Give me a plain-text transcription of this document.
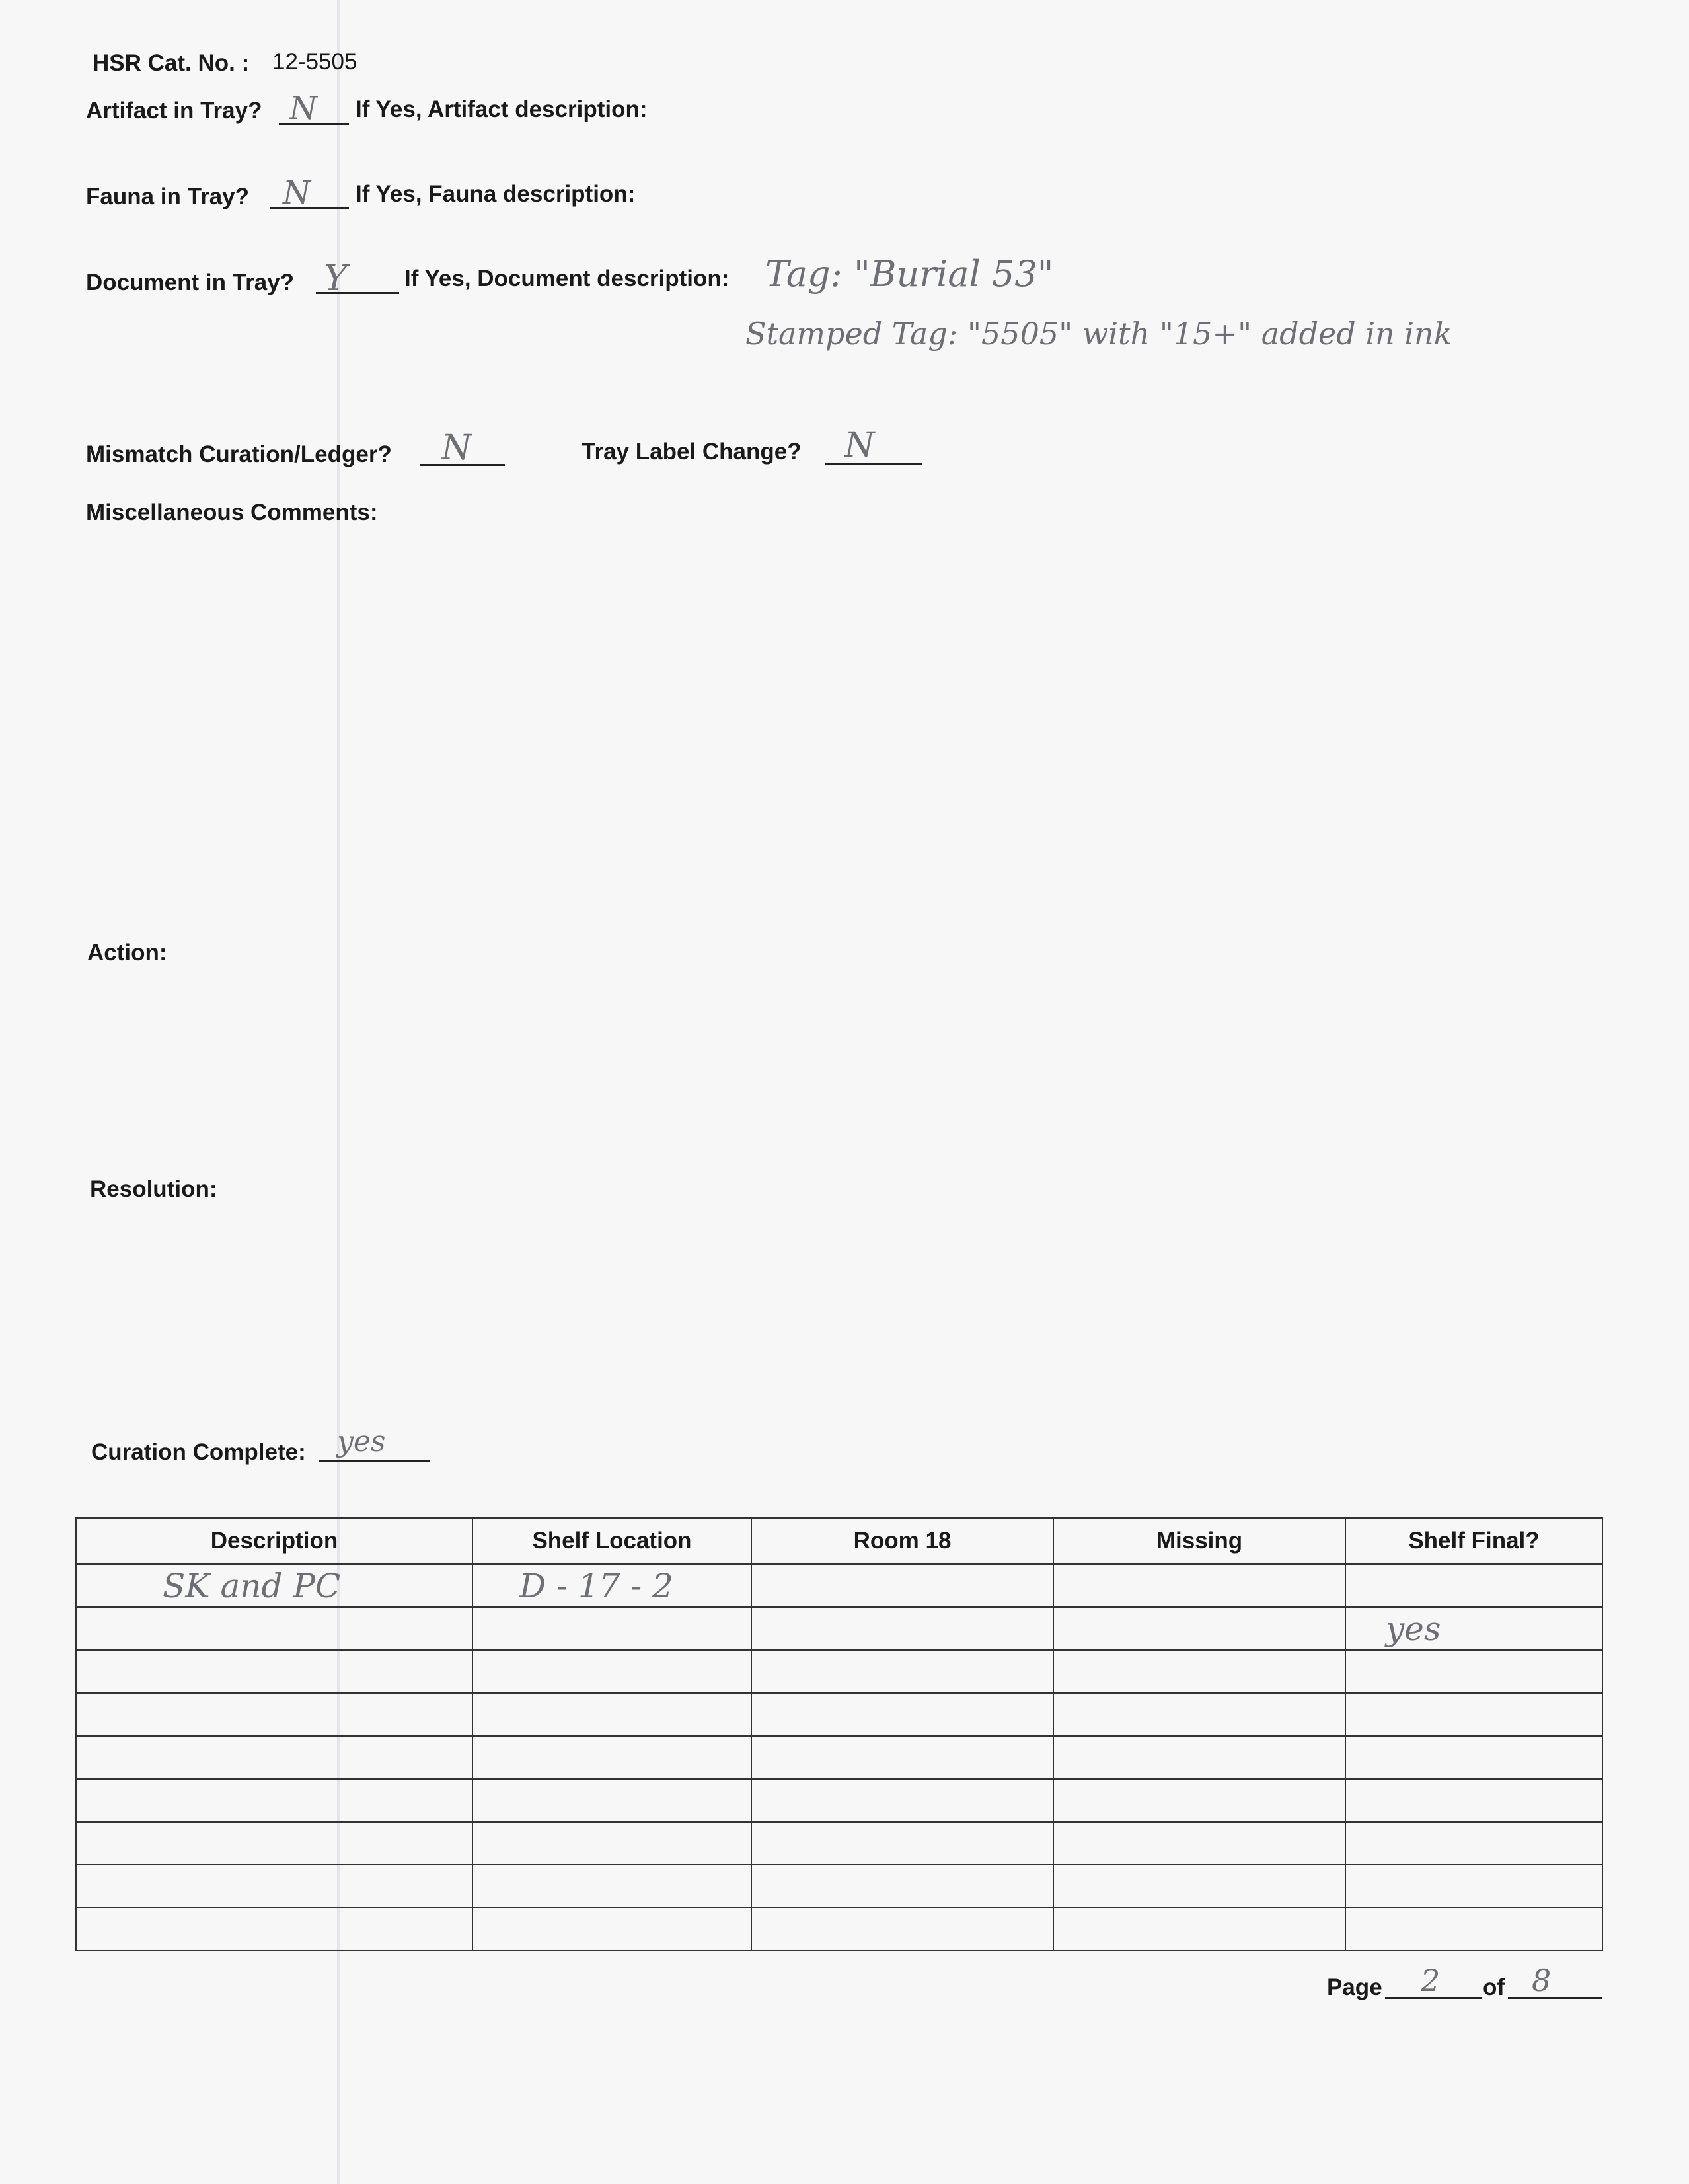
HSR Cat. No. : 12-5505
Artifact in Tray? N If Yes, Artifact description:
Fauna in Tray? N If Yes, Fauna description:
Document in Tray? Y If Yes, Document description: Tag: "Burial 53"
Stamped Tag: "5505" with "15+" added in ink
Mismatch Curation/Ledger? N	Tray Label Change? N
Miscellaneous Comments:
Action:
Resolution:
Curation Complete: yes
Description	Shelf Location	Room 18	Missing	Shelf Final?
SK and PC	D - 17 - 2			
				yes

Page 2 of 8
